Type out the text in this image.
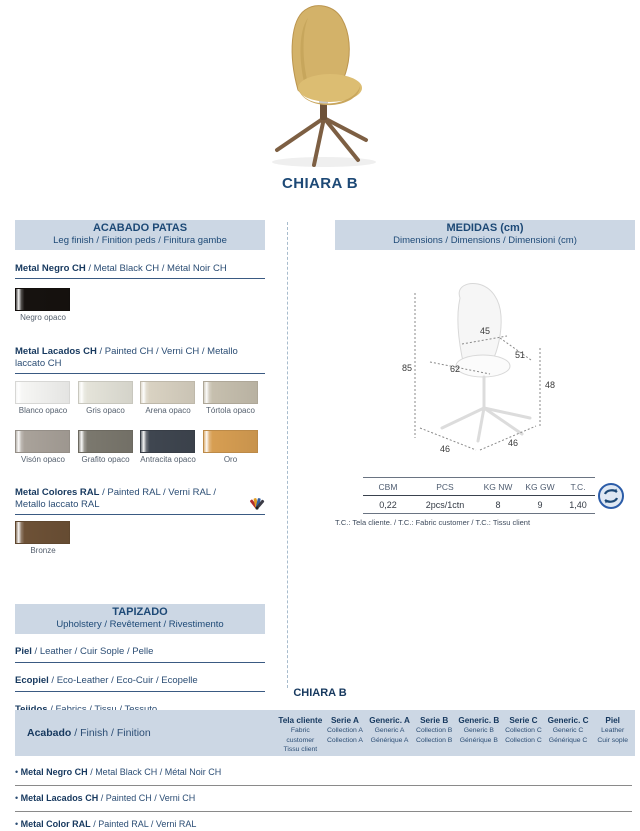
CHIARA B
ACABADO PATAS
Leg finish / Finition peds / Finitura gambe
Metal Negro CH / Metal Black CH / Métal Noir CH
Negro opaco
Metal Lacados CH / Painted CH / Verni CH / Metallo laccato CH
Blanco opaco	Gris opaco	Arena opaco	Tórtola opaco
Visón opaco	Grafito opaco	Antracita opaco	Oro
Metal Colores RAL / Painted RAL / Verni RAL / Metallo laccato RAL
Bronze
TAPIZADO
Upholstery / Revêtement / Rivestimento
Piel / Leather / Cuir Sople / Pelle
Ecopiel / Eco-Leather / Eco-Cuir / Ecopelle
MEDIDAS (cm)
Dimensions / Dimensions / Dimensioni (cm)
85
45
51
62
48
46
46
CBM	PCS	KG NW	KG GW	T.C.
0,22	2pcs/1ctn	8	9	1,40
T.C.: Tela cliente. / T.C.: Fabric customer / T.C.: Tissu client
CHIARA B
Acabado / Finish / Finition
Tela cliente
Fabric customer
Tissu client
Serie A
Collection A
Collection A
Generic. A
Generic A
Générique A
Serie B
Collection B
Collection B
Generic. B
Generic B
Générique B
Serie C
Collection C
Collection C
Generic. C
Generic C
Générique C
Piel
Leather
Cuir sople
• Metal Negro CH / Metal Black CH / Métal Noir CH
• Metal Lacados CH / Painted CH / Verni CH
• Metal Color RAL / Painted RAL / Verni RAL
